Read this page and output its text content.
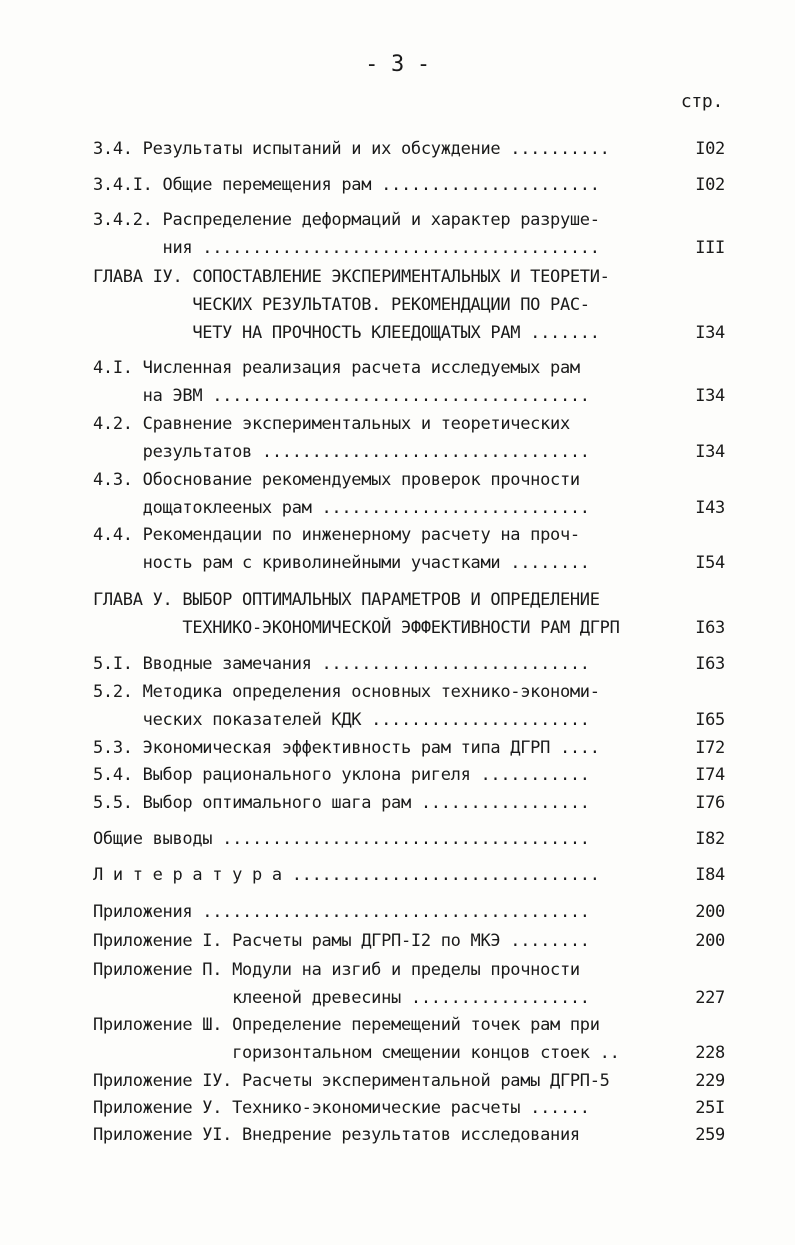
- 3 -
стр.
3.4. Результаты испытаний и их обсуждение ..........	I02
3.4.I. Общие перемещения рам ......................	I02
3.4.2. Распределение деформаций и характер разруше-
ния ........................................	III
ГЛАВА IУ. СОПОСТАВЛЕНИЕ ЭКСПЕРИМЕНТАЛЬНЫХ И ТЕОРЕТИ-
ЧЕСКИХ РЕЗУЛЬТАТОВ. РЕКОМЕНДАЦИИ ПО РАС-
ЧЕТУ НА ПРОЧНОСТЬ КЛЕЕДОЩАТЫХ РАМ .......	I34
4.I. Численная реализация расчета исследуемых рам
на ЭВМ ......................................	I34
4.2. Сравнение экспериментальных и теоретических
результатов .................................	I34
4.3. Обоснование рекомендуемых проверок прочности
дощатоклееных рам ...........................	I43
4.4. Рекомендации по инженерному расчету на проч-
ность рам с криволинейными участками ........	I54
ГЛАВА У. ВЫБОР ОПТИМАЛЬНЫХ ПАРАМЕТРОВ И ОПРЕДЕЛЕНИЕ
ТЕХНИКО-ЭКОНОМИЧЕСКОЙ ЭФФЕКТИВНОСТИ РАМ ДГРП	I63
5.I. Вводные замечания ...........................	I63
5.2. Методика определения основных технико-экономи-
ческих показателей КДК ......................	I65
5.3. Экономическая эффективность рам типа ДГРП ....	I72
5.4. Выбор рационального уклона ригеля ...........	I74
5.5. Выбор оптимального шага рам .................	I76
Общие выводы .....................................	I82
Л и т е р а т у р а ...............................	I84
Приложения .......................................	200
Приложение I. Расчеты рамы ДГРП-I2 по МКЭ ........	200
Приложение П. Модули на изгиб и пределы прочности
клееной древесины ..................	227
Приложение Ш. Определение перемещений точек рам при
горизонтальном смещении концов стоек ..	228
Приложение IУ. Расчеты экспериментальной рамы ДГРП-5	229
Приложение У. Технико-экономические расчеты ......	25I
Приложение УI. Внедрение результатов исследования	259
